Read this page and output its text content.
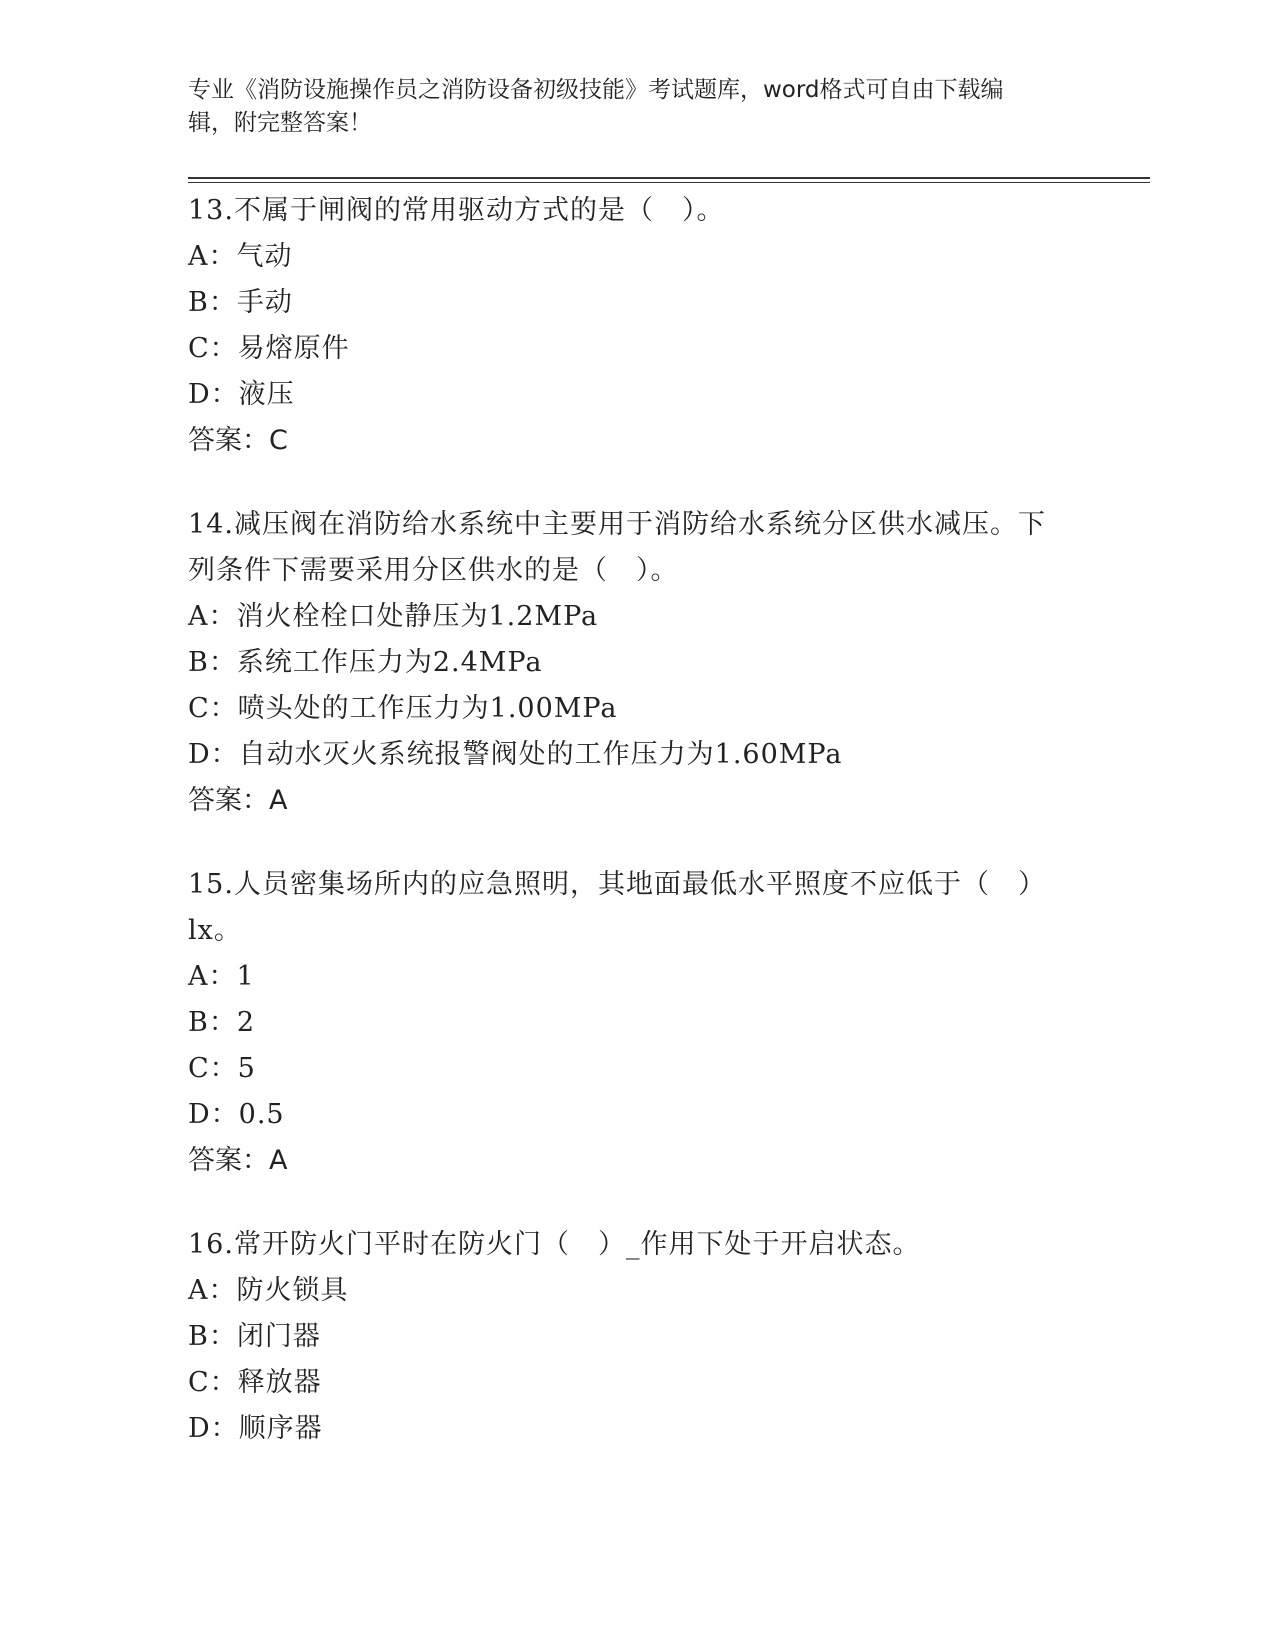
专业《消防设施操作员之消防设备初级技能》考试题库，word格式可自由下载编
辑，附完整答案！

13.不属于闸阀的常用驱动方式的是（　）。

A：气动

B：手动

C：易熔原件

D：液压

答案：C

14.减压阀在消防给水系统中主要用于消防给水系统分区供水减压。下

列条件下需要采用分区供水的是（　）。

A：消火栓栓口处静压为1.2MPa

B：系统工作压力为2.4MPa

C：喷头处的工作压力为1.00MPa

D：自动水灭火系统报警阀处的工作压力为1.60MPa

答案：A

15.人员密集场所内的应急照明，其地面最低水平照度不应低于（　）

lx。

A：1

B：2

C：5

D：0.5

答案：A

16.常开防火门平时在防火门（　）_作用下处于开启状态。

A：防火锁具

B：闭门器

C：释放器

D：顺序器
